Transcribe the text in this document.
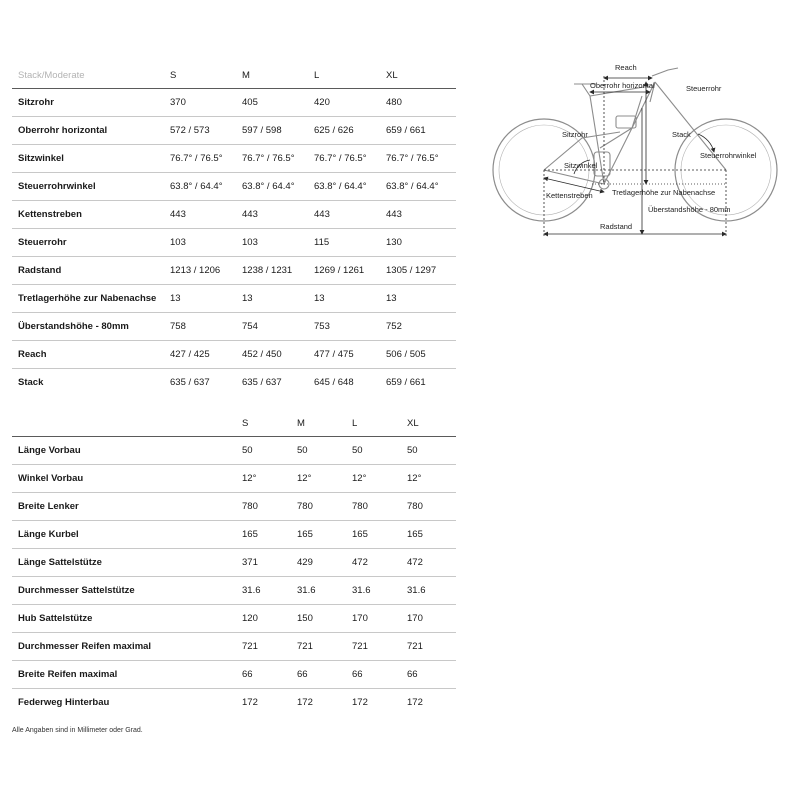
Stack/Moderate	S	M	L	XL
Sitzrohr	370	405	420	480
Oberrohr horizontal	572 / 573	597 / 598	625 / 626	659 / 661
Sitzwinkel	76.7° / 76.5°	76.7° / 76.5°	76.7° / 76.5°	76.7° / 76.5°
Steuerrohrwinkel	63.8° / 64.4°	63.8° / 64.4°	63.8° / 64.4°	63.8° / 64.4°
Kettenstreben	443	443	443	443
Steuerrohr	103	103	115	130
Radstand	1213 / 1206	1238 / 1231	1269 / 1261	1305 / 1297
Tretlagerhöhe zur Nabenachse	13	13	13	13
Überstandshöhe - 80mm	758	754	753	752
Reach	427 / 425	452 / 450	477 / 475	506 / 505
Stack	635 / 637	635 / 637	645 / 648	659 / 661
Reach
Oberrohr horizontal	Steuerrohr
Sitzrohr	Stack
Steuerrohrwinkel
Sitzwinkel
Kettenstreben	Tretlagerhöhe zur Nabenachse
Überstandshöhe - 80mm
Radstand
	S	M	L	XL
Länge Vorbau	50	50	50	50
Winkel Vorbau	12°	12°	12°	12°
Breite Lenker	780	780	780	780
Länge Kurbel	165	165	165	165
Länge Sattelstütze	371	429	472	472
Durchmesser Sattelstütze	31.6	31.6	31.6	31.6
Hub Sattelstütze	120	150	170	170
Durchmesser Reifen maximal	721	721	721	721
Breite Reifen maximal	66	66	66	66
Federweg Hinterbau	172	172	172	172
Alle Angaben sind in Millimeter oder Grad.
